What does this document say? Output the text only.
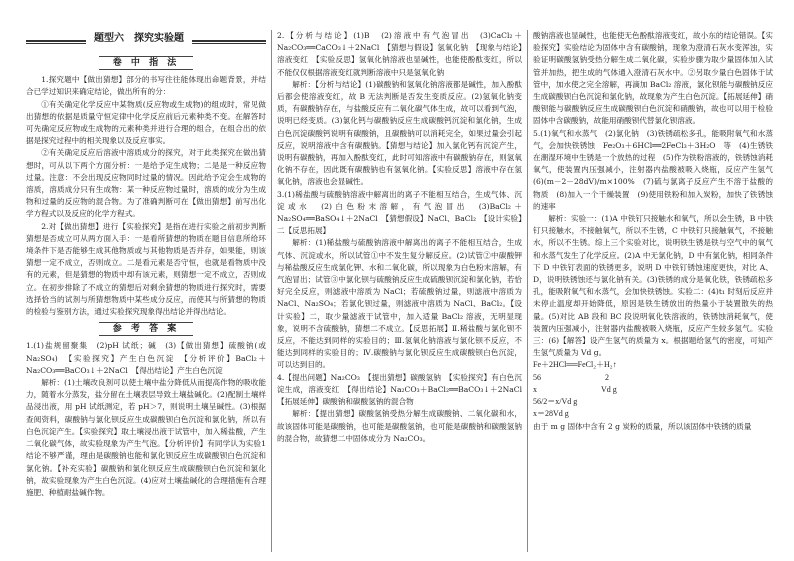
题型六　探究实验题
卷 中 指 法

1.探究题中【做出猜想】部分的书写往往能体现出命题背景，并结合已学过知识来确定结论，做出所有的分：

①有关确定化学反应中某物质(反应物或生成物)的组成时，常见做出猜想的依据是质量守恒定律中化学反应前后元素种类不变。在解答时可先确定反应物或生成物的元素种类并进行合理的组合，在组合出的依据是探究过程中的相关现象以及反应事实。

②有关确定反应后溶液中溶质成分的探究，对于此类探究在做出猜想时，可从以下两个方面分析：一是给予定生成物；二是是一种反应物过量。注意：不会出现反应物同时过量的情况。因此给予定会生成物的溶质，溶质成分只有生成物：某一种反应物过量时，溶质的成分为生成物和过量的反应物的混合物。为了准确判断可在【做出猜想】前写出化学方程式以及反应的化学方程式。

2.对【做出猜想】进行【实验探究】是指在进行实验之前初步判断猜想是否成立可从两方面入手：一是看所猜想的物质在题目信息所给环境条件下是否能够生成其他物质或与其他物质是否并存，如果能，则该猜想一定不成立，否则成立。二是看元素是否守恒，也就是看物质中没有的元素，但是猜想的物质中却有该元素，则猜想一定不成立，否则成立。在初步排除了不成立的猜想后对剩余猜想的物质进行探究时，需要选择恰当的试剂与所猜想物质中某些成分反应，而使其与所猜想的物质的检验与鉴别方法，通过实验探究现象得出结论并得出结论。

参 考 答 案

1.(1)盐规留聚集　(2)pH 试纸；碱　(3)【做出猜想】硫酸钠(或 Na₂SO₄)　【实验探究】产生白色沉淀　【分析评价】BaCl₂＋Na₂CO₃══BaCO₃↓＋2NaCl　【得出结论】产生白色沉淀

解析：(1)土壤改良剂可以使土壤中盐分降低从而提高作物的吸收能力，随着水分蒸发，盐分留在土壤表层导致土壤盐碱化。(2)配制土壤样品浸出液，用 pH 试纸测定，若 pH＞7，则说明土壤呈碱性。(3)根据查阅资料，碳酸钠与氯化钡反应生成碳酸钡白色沉淀和氯化钠，所以有白色沉淀产生。【实验探究】取土壤浸出液于试管中，加入稀盐酸，产生二氧化碳气体，故实验现象为产生气泡。【分析评价】有同学认为实验1 结论不够严谨，理由是碳酸钠也能和氯化钡反应生成碳酸钡白色沉淀和氯化钠。【补充实验】碳酸钠和氯化钡反应生成碳酸钡白色沉淀和氯化钠，故实验现象为产生白色沉淀。(4)应对土壤盐碱化的合理措施有合理施肥、种植耐盐碱作物。

2.【分析与结论】(1)B　(2)溶液中有气泡冒出　(3)CaCl₂＋Na₂CO₃══CaCO₃↓＋2NaCl　【猜想与假设】氢氧化钠　【现象与结论】溶液变红　【实验反思】氢氧化钠溶液也显碱性，也能使酚酞变红，所以不能仅仅根据溶液变红就判断溶液中只是氢氧化钠

解析：【分析与结论】(1)碳酸钠和氢氧化钠溶液都是碱性，加入酚酞后都会使溶液变红，故 B 无法判断是否发生变质反应。(2)氢氧化钠变质，有碳酸钠存在，与盐酸反应有二氧化碳气体生成，故可以看到气泡，说明已经变质。(3)氯化钙与碳酸钠反应生成碳酸钙沉淀和氯化钠，生成白色沉淀碳酸钙说明有碳酸钠，且碳酸钠可以消耗完全，如果过量会引起反应，说明溶液中含有碳酸钠。【猜想与结论】加入氯化钙有沉淀产生，说明有碳酸钠，再加入酚酞变红，此时可知溶液中有碳酸钠存在，则氢氧化钠不存在，因此既有碳酸钠也有氢氧化钠。【实验反思】溶液中存在氢氧化钠，溶液也会显碱性。

3.(1)稀盐酸与硫酸钠溶液中解离出的离子不能相互结合，生成气体、沉淀或水　(2)白色粉末溶解，有气泡冒出　(3)BaCl₂＋Na₂SO₄══BaSO₄↓＋2NaCl　【猜想假设】NaCl、BaCl₂　【设计实验】二【反思拓展】

解析：(1)稀盐酸与硫酸钠溶液中解离出的离子不能相互结合，生成气体、沉淀或水，所以试管①中不发生复分解反应。(2)试管②中碳酸钾与稀盐酸反应生成氯化钾、水和二氧化碳，所以现象为白色粉末溶解，有气泡冒出；试管③中氯化钡与硫酸钠反应生成硫酸钡沉淀和氯化钠，若恰好完全反应，则滤液中溶质为 NaCl；若硫酸钠过量，则滤液中溶质为 NaCl、Na₂SO₄；若氯化钡过量，则滤液中溶质为 NaCl、BaCl₂。【设计实验】二，取少量滤液于试管中，加入适量 BaCl₂ 溶液，无明显现象，说明不含硫酸钠，猜想二不成立。【反思拓展】Ⅱ.稀盐酸与氯化钡不反应，不能达到同样的实验目的；Ⅲ.氢氧化钠溶液与氯化钡不反应，不能达到同样的实验目的；Ⅳ.碳酸钠与氯化钡反应生成碳酸钡白色沉淀，可以达到目的。

4.【提出问题】Na₂CO₃　【提出猜想】碳酸氢钠　【实验探究】有白色沉淀生成，溶液变红　【得出结论】Na₂CO₃＋BaCl₂══BaCO₃↓＋2NaCl　【拓展延伸】碳酸钠和碳酸氢钠的混合物

解析：【提出猜想】碳酸氢钠受热分解生成碳酸钠、二氧化碳和水，故该固体可能是碳酸钠，也可能是碳酸氢钠，也可能是碳酸钠和碳酸氢钠的混合物，故猜想二中固体成分为 Na₂CO₃。

酸钠溶液也显碱性，也能使无色酚酞溶液变红，故小东的结论错误。【实验探究】实验结论为固体中含有碳酸钠，现象为澄清石灰水变浑浊，实验证明碳酸氢钠受热分解生成二氧化碳，实验步骤为取少量固体加入试管并加热，把生成的气体通入澄清石灰水中。②另取少量白色固体于试管中，加水使之完全溶解，再滴加 BaCl₂ 溶液，氯化钡能与碳酸钠反应生成碳酸钡白色沉淀和氯化钠，故现象为产生白色沉淀。【拓展延伸】硝酸钡能与碳酸钠反应生成碳酸钡白色沉淀和硝酸钠，故也可以用于检验固体中含碳酸钠，故能用硝酸钡代替氯化钡溶液。

5.(1)氧气和水蒸气　(2)氯化钠　(3)铁锈疏松多孔，能吸附氧气和水蒸气，会加快铁锈蚀　Fe₂O₃＋6HCl══2FeCl₃＋3H₂O　等　(4)生锈铁在潮湿环境中生锈是一个放热的过程　(5)作为铁粉溶液的，铁锈蚀消耗氧气，使装置内压强减小，注射器内盐酸被吸入烧瓶，反应产生氢气　(6)(m－2－28dV)/m×100%　(7)硫与氯离子反应产生不溶于盐酸的物质　(8)加入一个干燥装置　(9)使用铁粉和加入炭粉，加快了铁锈蚀的速率

解析：实验一：(1)A 中铁钉只接触水和氧气，所以会生锈，B 中铁钉只接触水，不接触氧气，所以不生锈，C 中铁钉只接触氧气，不接触水，所以不生锈。综上三个实验对比，说明铁生锈是铁与空气中的氧气和水蒸气发生了化学反应。(2)A 中无氯化钠，D 中有氯化钠，相同条件下 D 中铁钉表面的铁锈更多，说明 D 中铁钉锈蚀速度更快，对比 A、D，说明铁锈蚀还与氯化钠有关。(3)铁锈的成分是氧化铁，铁锈疏松多孔，能吸附氧气和水蒸气，会加快铁锈蚀。实验二：(4)t₁ 时刻后反应并未停止温度却开始降低，原因是铁生锈放出的热量小于装置散失的热量。(5)对比 AB 段和 BC 段说明氧化铁溶液的，铁锈蚀消耗氧气，使装置内压强减小，注射器内盐酸被吸入烧瓶，反应产生较多氢气。实验三：(6)【解答】设产生氢气的质量为 x。根据题给氢气的密度，可知产生氢气质量为 Vd g。

Fe＋2HCl══FeCl₂＋H₂↑
56　　　　　　　　2
x　　　　　　　　Vd g
56/2＝x/Vd g
x＝28Vd g

由于 m g 固体中含有 2 g 炭粉的质量，所以该固体中铁锈的质量
